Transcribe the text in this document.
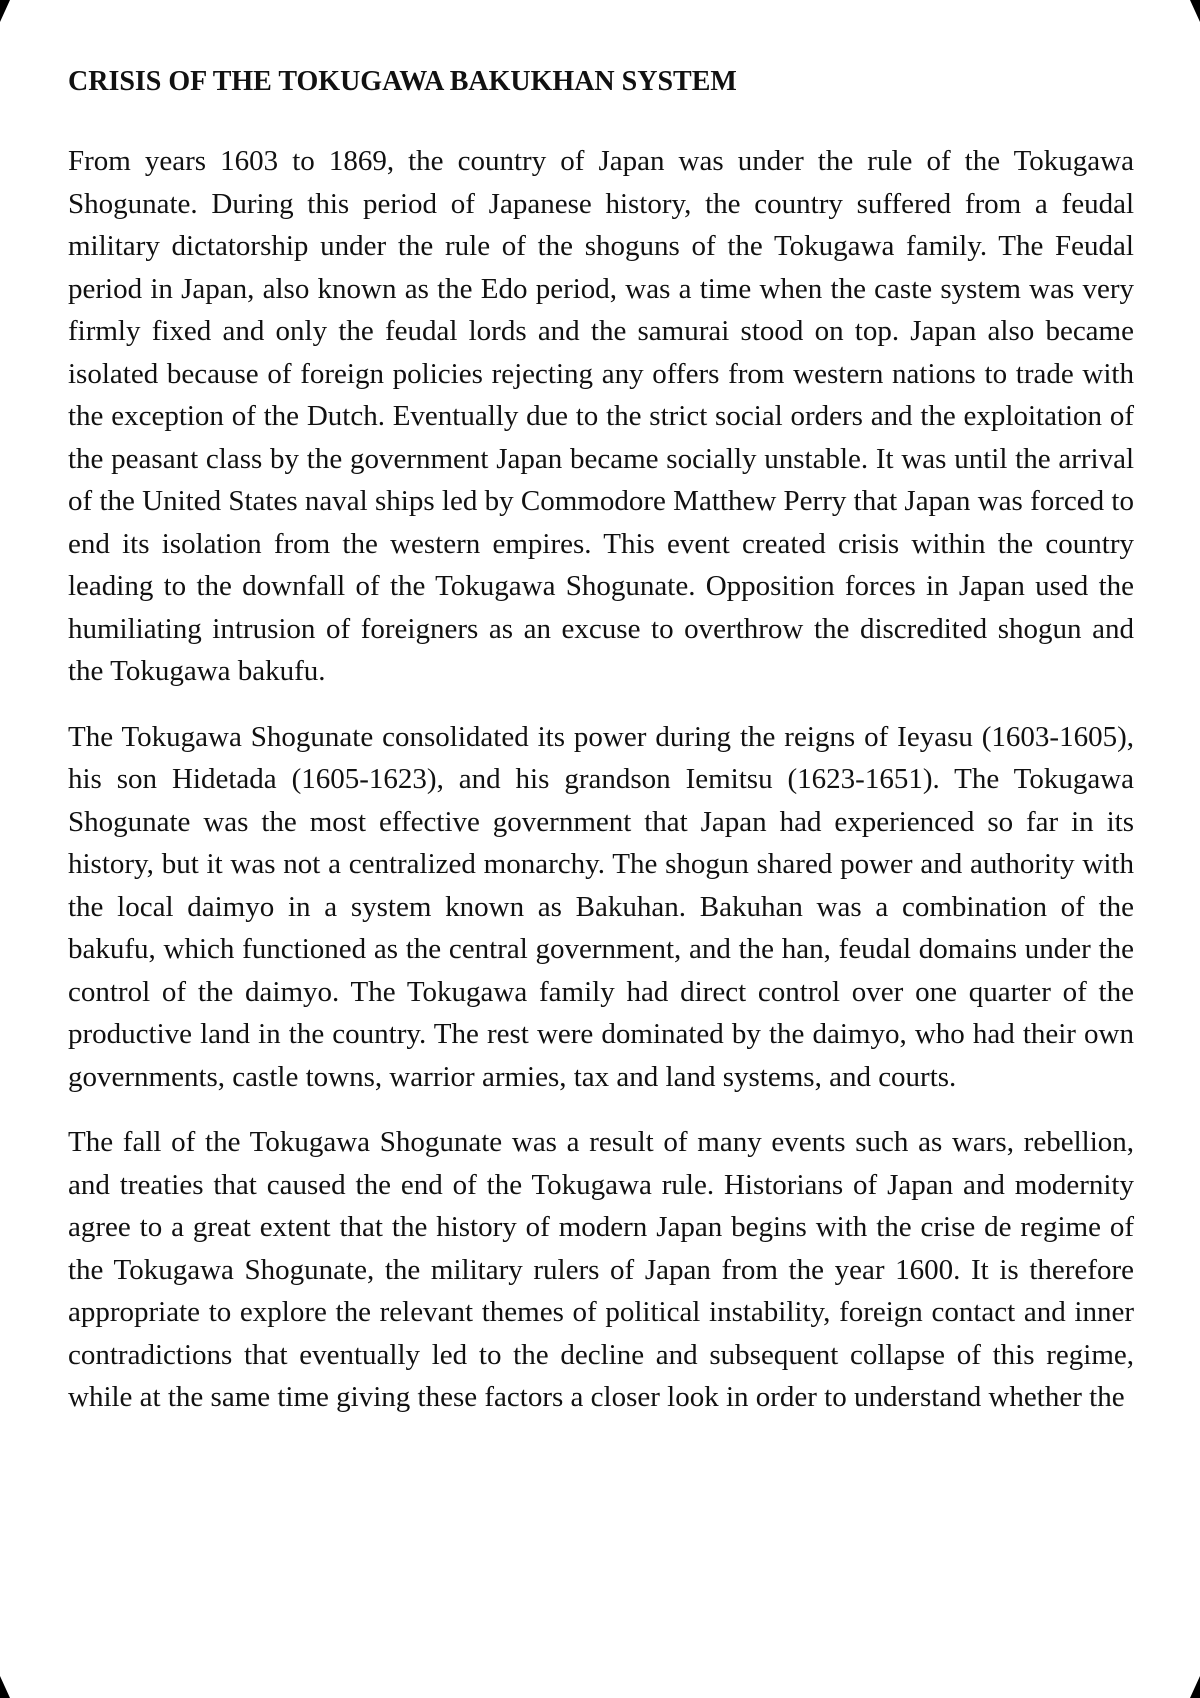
CRISIS OF THE TOKUGAWA BAKUKHAN SYSTEM

From years 1603 to 1869, the country of Japan was under the rule of the Tokugawa Shogunate. During this period of Japanese history, the country suffered from a feudal military dictatorship under the rule of the shoguns of the Tokugawa family. The Feudal period in Japan, also known as the Edo period, was a time when the caste system was very firmly fixed and only the feudal lords and the samurai stood on top. Japan also became isolated because of foreign policies rejecting any offers from western nations to trade with the exception of the Dutch. Eventually due to the strict social orders and the exploitation of the peasant class by the government Japan became socially unstable. It was until the arrival of the United States naval ships led by Commodore Matthew Perry that Japan was forced to end its isolation from the western empires. This event created crisis within the country leading to the downfall of the Tokugawa Shogunate. Opposition forces in Japan used the humiliating intrusion of foreigners as an excuse to overthrow the discredited shogun and the Tokugawa bakufu.

The Tokugawa Shogunate consolidated its power during the reigns of Ieyasu (1603-1605), his son Hidetada (1605-1623), and his grandson Iemitsu (1623-1651). The Tokugawa Shogunate was the most effective government that Japan had experienced so far in its history, but it was not a centralized monarchy. The shogun shared power and authority with the local daimyo in a system known as Bakuhan. Bakuhan was a combination of the bakufu, which functioned as the central government, and the han, feudal domains under the control of the daimyo. The Tokugawa family had direct control over one quarter of the productive land in the country. The rest were dominated by the daimyo, who had their own governments, castle towns, warrior armies, tax and land systems, and courts.

The fall of the Tokugawa Shogunate was a result of many events such as wars, rebellion, and treaties that caused the end of the Tokugawa rule. Historians of Japan and modernity agree to a great extent that the history of modern Japan begins with the crise de regime of the Tokugawa Shogunate, the military rulers of Japan from the year 1600. It is therefore appropriate to explore the relevant themes of political instability, foreign contact and inner contradictions that eventually led to the decline and subsequent collapse of this regime, while at the same time giving these factors a closer look in order to understand whether the
